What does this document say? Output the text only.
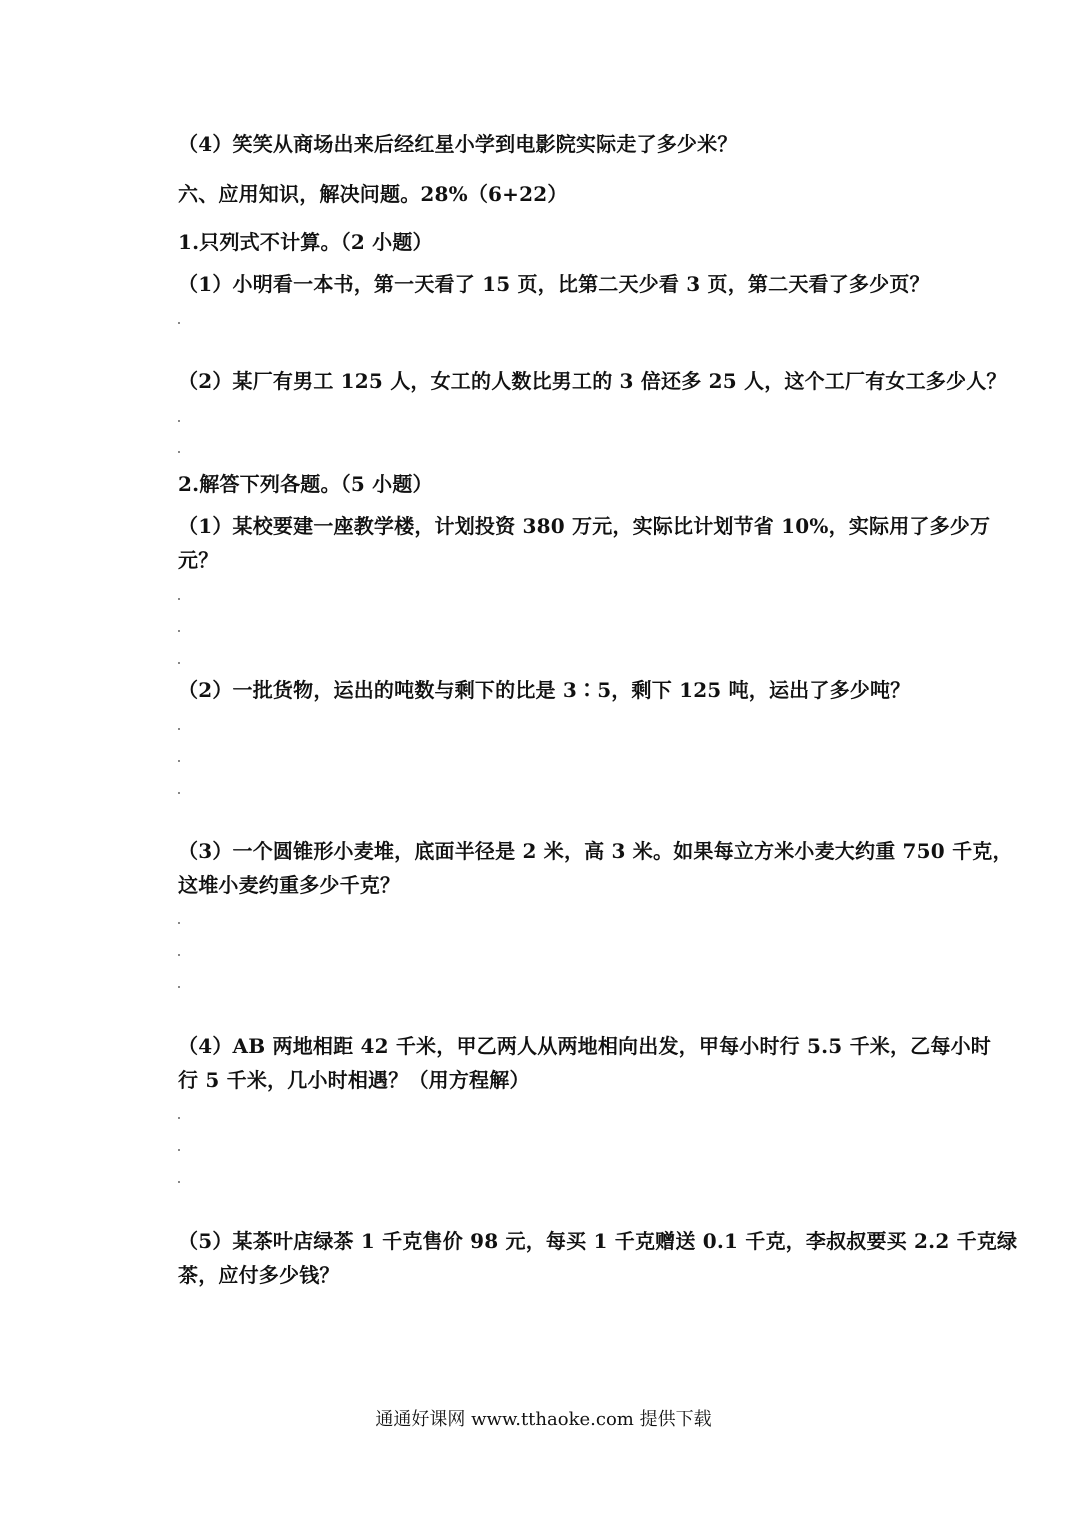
（4）笑笑从商场出来后经红星小学到电影院实际走了多少米？
六、应用知识，解决问题。28%（6+22）
1.只列式不计算。（2 小题）
（1）小明看一本书，第一天看了 15 页，比第二天少看 3 页，第二天看了多少页？
（2）某厂有男工 125 人，女工的人数比男工的 3 倍还多 25 人，这个工厂有女工多少人？
2.解答下列各题。（5 小题）
（1）某校要建一座教学楼，计划投资 380 万元，实际比计划节省 10%，实际用了多少万
元？
（2）一批货物，运出的吨数与剩下的比是 3∶5，剩下 125 吨，运出了多少吨？
（3）一个圆锥形小麦堆，底面半径是 2 米，高 3 米。如果每立方米小麦大约重 750 千克，
这堆小麦约重多少千克？
（4）AB 两地相距 42 千米，甲乙两人从两地相向出发，甲每小时行 5.5 千米，乙每小时
行 5 千米，几小时相遇？（用方程解）
（5）某茶叶店绿茶 1 千克售价 98 元，每买 1 千克赠送 0.1 千克，李叔叔要买 2.2 千克绿
茶，应付多少钱？
通通好课网 www.tthaoke.com 提供下载
